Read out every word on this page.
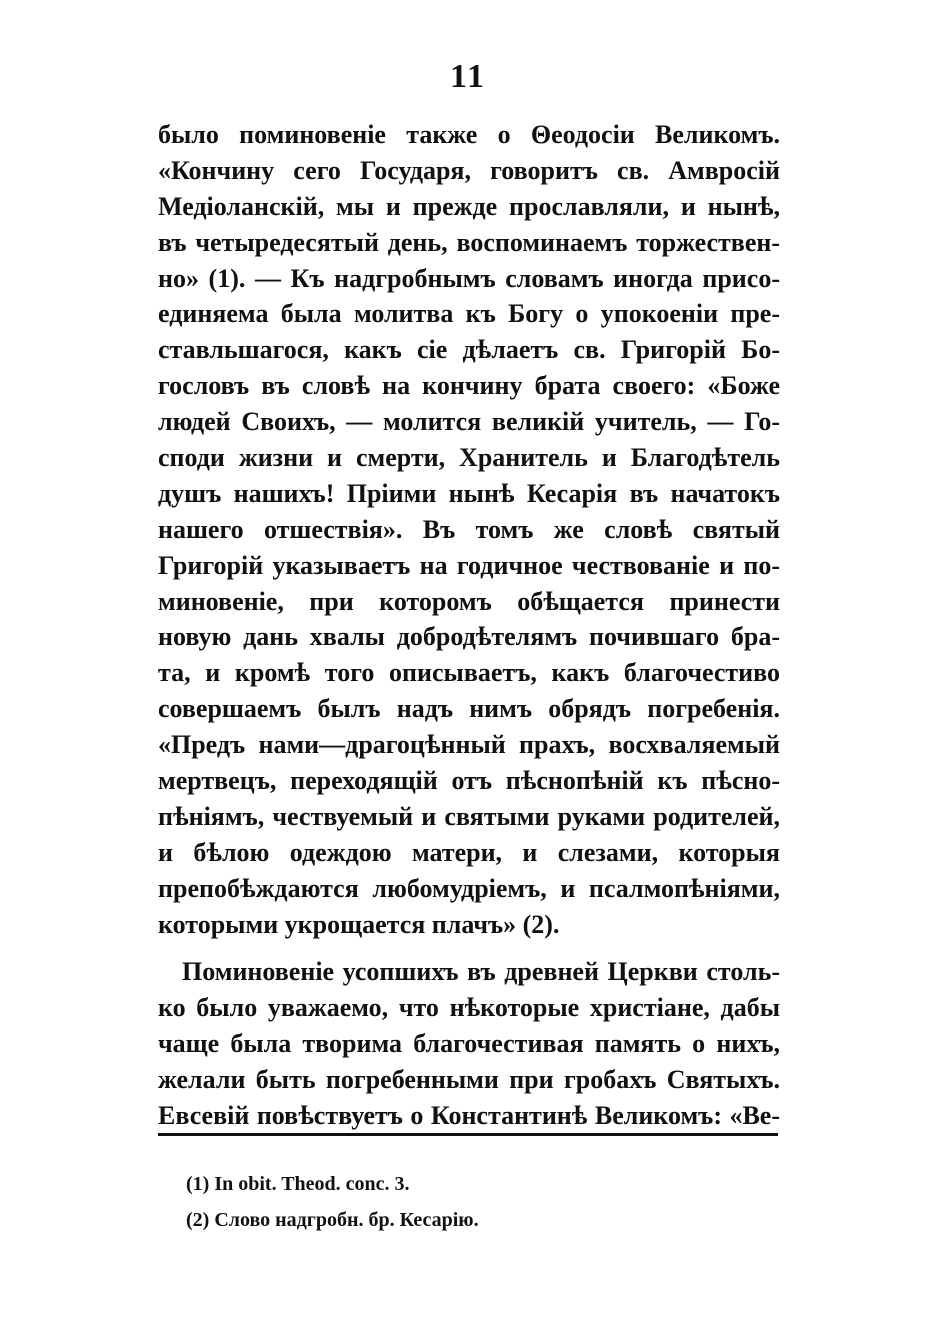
11
было поминовеніе также о Θеодосіи Великомъ.
«Кончину сего Государя, говоритъ св. Амвросій
Медіоланскій, мы и прежде прославляли, и нынѣ,
въ четыредесятый день, воспоминаемъ торжествен-
но» (1). — Къ надгробнымъ словамъ иногда присо-
единяема была молитва къ Богу о упокоеніи пре-
ставльшагося, какъ сіе дѣлаетъ св. Григорій Бо-
гословъ въ словѣ на кончину брата своего: «Боже
людей Своихъ, — молится великій учитель, — Го-
споди жизни и смерти, Хранитель и Благодѣтель
душъ нашихъ! Пріими нынѣ Кесарія въ начатокъ
нашего отшествія». Въ томъ же словѣ святый
Григорій указываетъ на годичное чествованіе и по-
миновеніе, при которомъ обѣщается принести
новую дань хвалы добродѣтелямъ почившаго бра-
та, и кромѣ того описываетъ, какъ благочестиво
совершаемъ былъ надъ нимъ обрядъ погребенія.
«Предъ нами—драгоцѣнный прахъ, восхваляемый
мертвецъ, переходящій отъ пѣснопѣній къ пѣсно-
пѣніямъ, чествуемый и святыми руками родителей,
и бѣлою одеждою матери, и слезами, которыя
препобѣждаются любомудріемъ, и псалмопѣніями,
которыми укрощается плачъ» (2).
Поминовеніе усопшихъ въ древней Церкви столь-
ко было уважаемо, что нѣкоторые христіане, дабы
чаще была творима благочестивая память о нихъ,
желали быть погребенными при гробахъ Святыхъ.
Евсевій повѣствуетъ о Константинѣ Великомъ: «Ве-
(1) In obit. Theod. conc. 3.
(2) Слово надгробн. бр. Кесарію.
